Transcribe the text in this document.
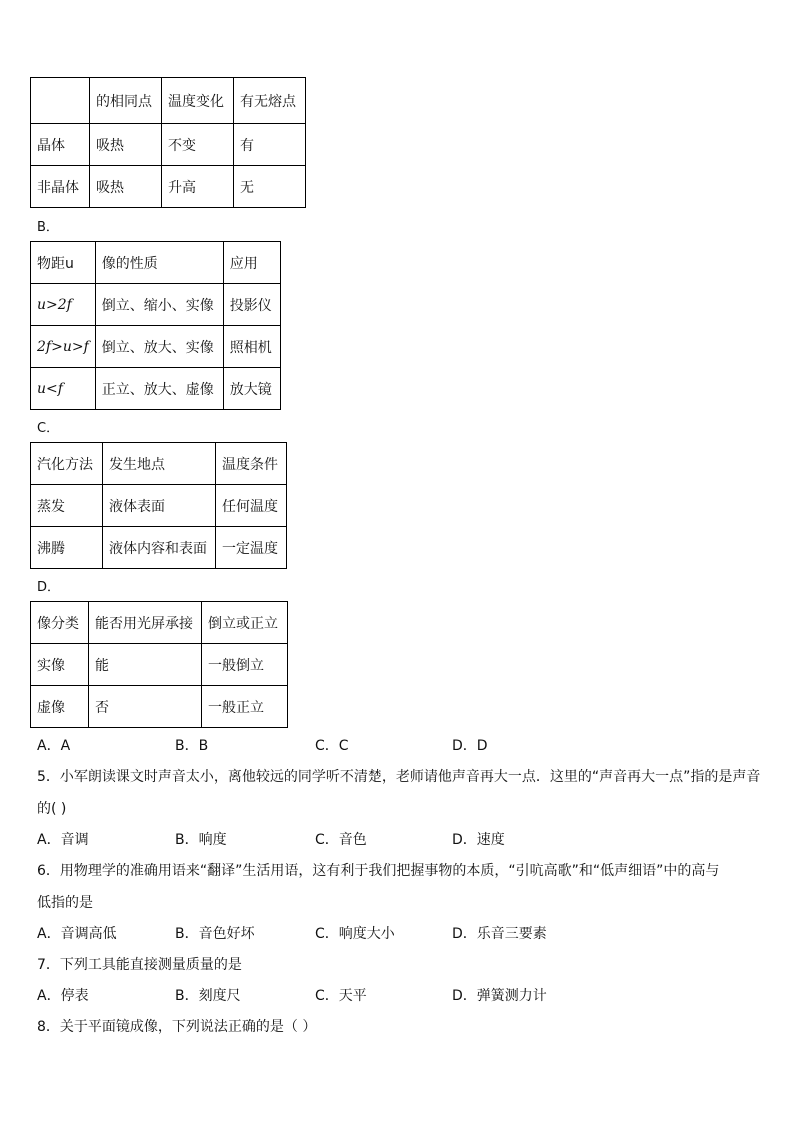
	的相同点	温度变化	有无熔点
晶体	吸热	不变	有
非晶体	吸热	升高	无
B．
物距u	像的性质	应用
u>2f	倒立、缩小、实像	投影仪
2f>u>f	倒立、放大、实像	照相机
u<f	正立、放大、虚像	放大镜
C．
汽化方法	发生地点	温度条件
蒸发	液体表面	任何温度
沸腾	液体内容和表面	一定温度
D．
像分类	能否用光屏承接	倒立或正立
实像	能	一般倒立
虚像	否	一般正立
A．A	B．B	C．C	D．D
5．小军朗读课文时声音太小，离他较远的同学听不清楚，老师请他声音再大一点．这里的“声音再大一点”指的是声音
的( )
A．音调	B．响度	C．音色	D．速度
6．用物理学的准确用语来“翻译”生活用语，这有利于我们把握事物的本质，“引吭高歌”和“低声细语”中的高与
低指的是
A．音调高低	B．音色好坏	C．响度大小	D．乐音三要素
7．下列工具能直接测量质量的是
A．停表	B．刻度尺	C．天平	D．弹簧测力计
8．关于平面镜成像，下列说法正确的是（ ）
